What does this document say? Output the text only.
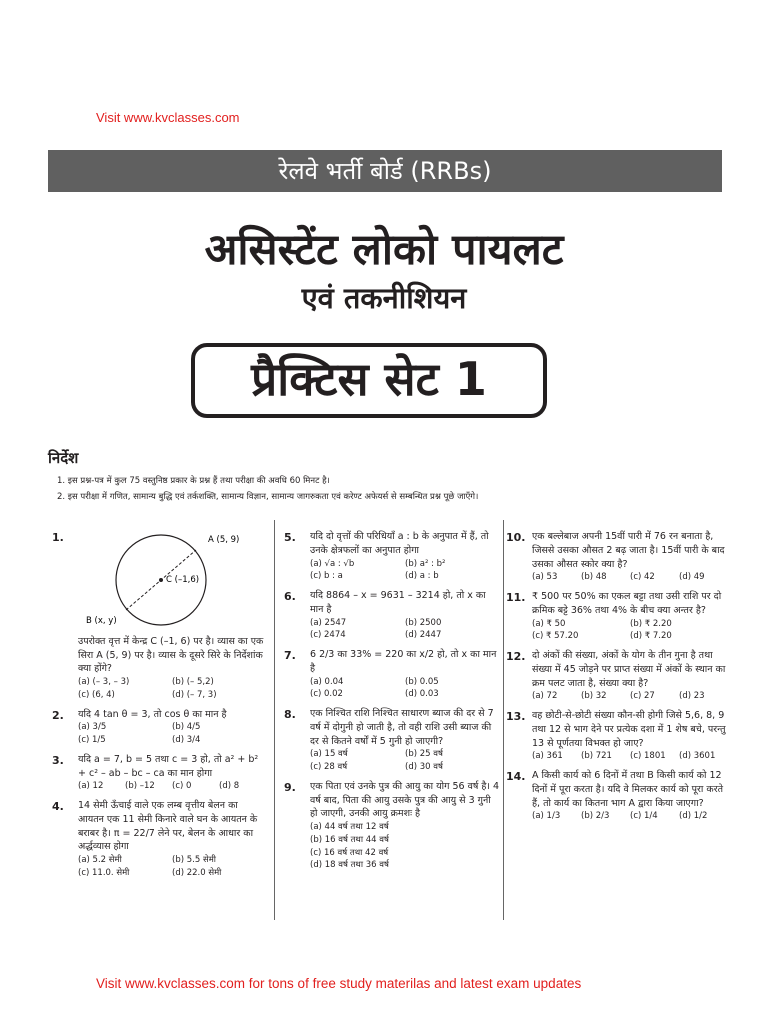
Visit www.kvclasses.com
रेलवे भर्ती बोर्ड (RRBs)
असिस्टेंट लोको पायलट
एवं तकनीशियन
प्रैक्टिस सेट 1
निर्देश
1. इस प्रश्न-पत्र में कुल 75 वस्तुनिष्ठ प्रकार के प्रश्न हैं तथा परीक्षा की अवधि 60 मिनट है।
2. इस परीक्षा में गणित, सामान्य बुद्धि एवं तर्कशक्ति, सामान्य विज्ञान, सामान्य जागरुकता एवं करेण्ट अफेयर्स से सम्बन्धित प्रश्न पूछे जाएँगे।
1.	A (5, 9)
C (–1,6)
B (x, y)
उपरोक्त वृत्त में केन्द्र C (–1, 6) पर है। व्यास का एक सिरा A (5, 9) पर है। व्यास के दूसरे सिरे के निर्देशांक क्या होंगे?
(a) (– 3, – 3)	(b) (– 5,2)
(c) (6, 4)	(d) (– 7, 3)
2.	यदि 4 tan θ = 3, तो cos θ का मान है
(a) 3/5	(b) 4/5
(c) 1/5	(d) 3/4
3.	यदि a = 7, b = 5 तथा c = 3 हो, तो a² + b² + c² – ab – bc – ca का मान होगा
(a) 12	(b) –12	(c) 0	(d) 8
4.	14 सेमी ऊँचाई वाले एक लम्ब वृत्तीय बेलन का आयतन एक 11 सेमी किनारे वाले घन के आयतन के बराबर है। π = 22/7 लेने पर, बेलन के आधार का अर्द्धव्यास होगा
(a) 5.2 सेमी	(b) 5.5 सेमी
(c) 11.0. सेमी	(d) 22.0 सेमी
5.	यदि दो वृत्तों की परिधियाँ a : b के अनुपात में हैं, तो उनके क्षेत्रफलों का अनुपात होगा
(a) √a : √b	(b) a² : b²
(c) b : a	(d) a : b
6.	यदि 8864 – x = 9631 – 3214 हो, तो x का मान है
(a) 2547	(b) 2500
(c) 2474	(d) 2447
7.	6 2/3 का 33% = 220 का x/2 हो, तो x का मान है
(a) 0.04	(b) 0.05
(c) 0.02	(d) 0.03
8.	एक निश्चित राशि निश्चित साधारण ब्याज की दर से 7 वर्ष में दोगुनी हो जाती है, तो वही राशि उसी ब्याज की दर से कितने वर्षों में 5 गुनी हो जाएगी?
(a) 15 वर्ष	(b) 25 वर्ष
(c) 28 वर्ष	(d) 30 वर्ष
9.	एक पिता एवं उनके पुत्र की आयु का योग 56 वर्ष है। 4 वर्ष बाद, पिता की आयु उसके पुत्र की आयु से 3 गुनी हो जाएगी, उनकी आयु क्रमशः है
(a) 44 वर्ष तथा 12 वर्ष
(b) 16 वर्ष तथा 44 वर्ष
(c) 16 वर्ष तथा 42 वर्ष
(d) 18 वर्ष तथा 36 वर्ष
10. एक बल्लेबाज अपनी 15वीं पारी में 76 रन बनाता है, जिससे उसका औसत 2 बढ़ जाता है। 15वीं पारी के बाद उसका औसत स्कोर क्या है?
(a) 53	(b) 48	(c) 42	(d) 49
11. ₹ 500 पर 50% का एकल बट्टा तथा उसी राशि पर दो क्रमिक बट्टे 36% तथा 4% के बीच क्या अन्तर है?
(a) ₹ 50	(b) ₹ 2.20
(c) ₹ 57.20	(d) ₹ 7.20
12. दो अंकों की संख्या, अंकों के योग के तीन गुना है तथा संख्या में 45 जोड़ने पर प्राप्त संख्या में अंकों के स्थान का क्रम पलट जाता है, संख्या क्या है?
(a) 72	(b) 32	(c) 27	(d) 23
13. वह छोटी-से-छोटी संख्या कौन-सी होगी जिसे 5,6, 8, 9 तथा 12 से भाग देने पर प्रत्येक दशा में 1 शेष बचे, परन्तु 13 से पूर्णतया विभक्त हो जाए?
(a) 361	(b) 721	(c) 1801	(d) 3601
14. A किसी कार्य को 6 दिनों में तथा B किसी कार्य को 12 दिनों में पूरा करता है। यदि वे मिलकर कार्य को पूरा करते हैं, तो कार्य का कितना भाग A द्वारा किया जाएगा?
(a) 1/3	(b) 2/3	(c) 1/4	(d) 1/2
Visit www.kvclasses.com for tons of free study materilas and latest exam updates
